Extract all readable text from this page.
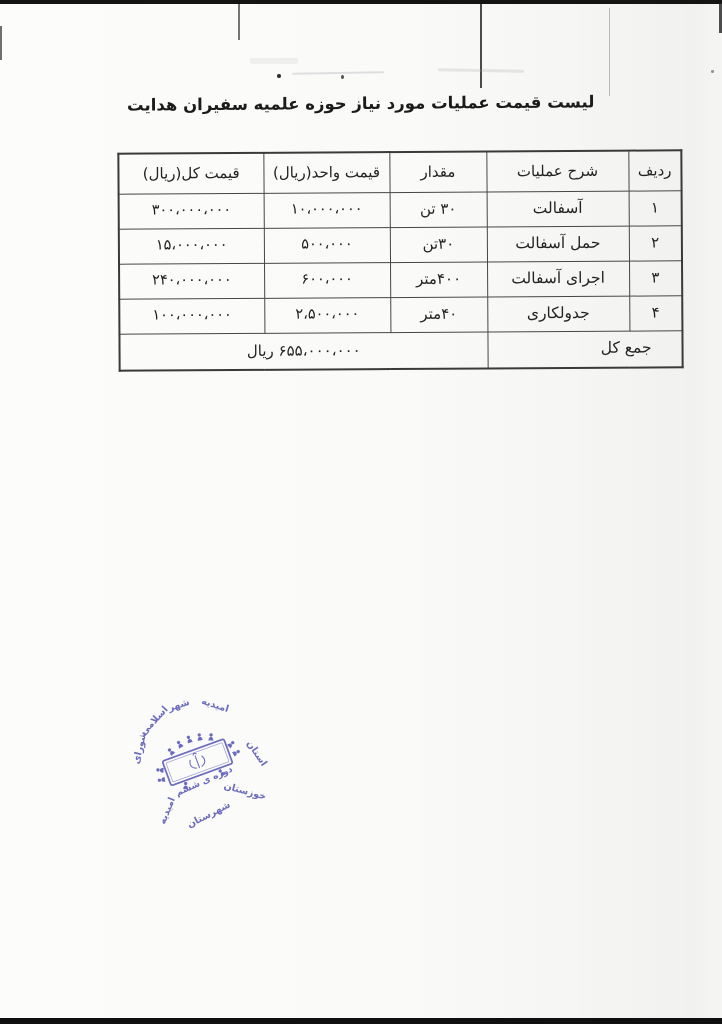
لیست قیمت عملیات مورد نیاز حوزه علمیه سفیران هدایت
ردیف	شرح عملیات	مقدار	قیمت واحد(ریال)	قیمت کل(ریال)
۱	آسفالت	۳۰ تن	۱۰،۰۰۰،۰۰۰	۳۰۰،۰۰۰،۰۰۰
۲	حمل آسفالت	۳۰تن	۵۰۰،۰۰۰	۱۵،۰۰۰،۰۰۰
۳	اجرای آسفالت	۴۰۰متر	۶۰۰،۰۰۰	۲۴۰،۰۰۰،۰۰۰
۴	جدولکاری	۴۰متر	۲،۵۰۰،۰۰۰	۱۰۰،۰۰۰،۰۰۰
جمع کل		۶۵۵،۰۰۰،۰۰۰ ریال		
شورای
اسلامی
شهر امیدیه
استان
خوزستان
شهرستان
امیدیه
دوره ی ششم
